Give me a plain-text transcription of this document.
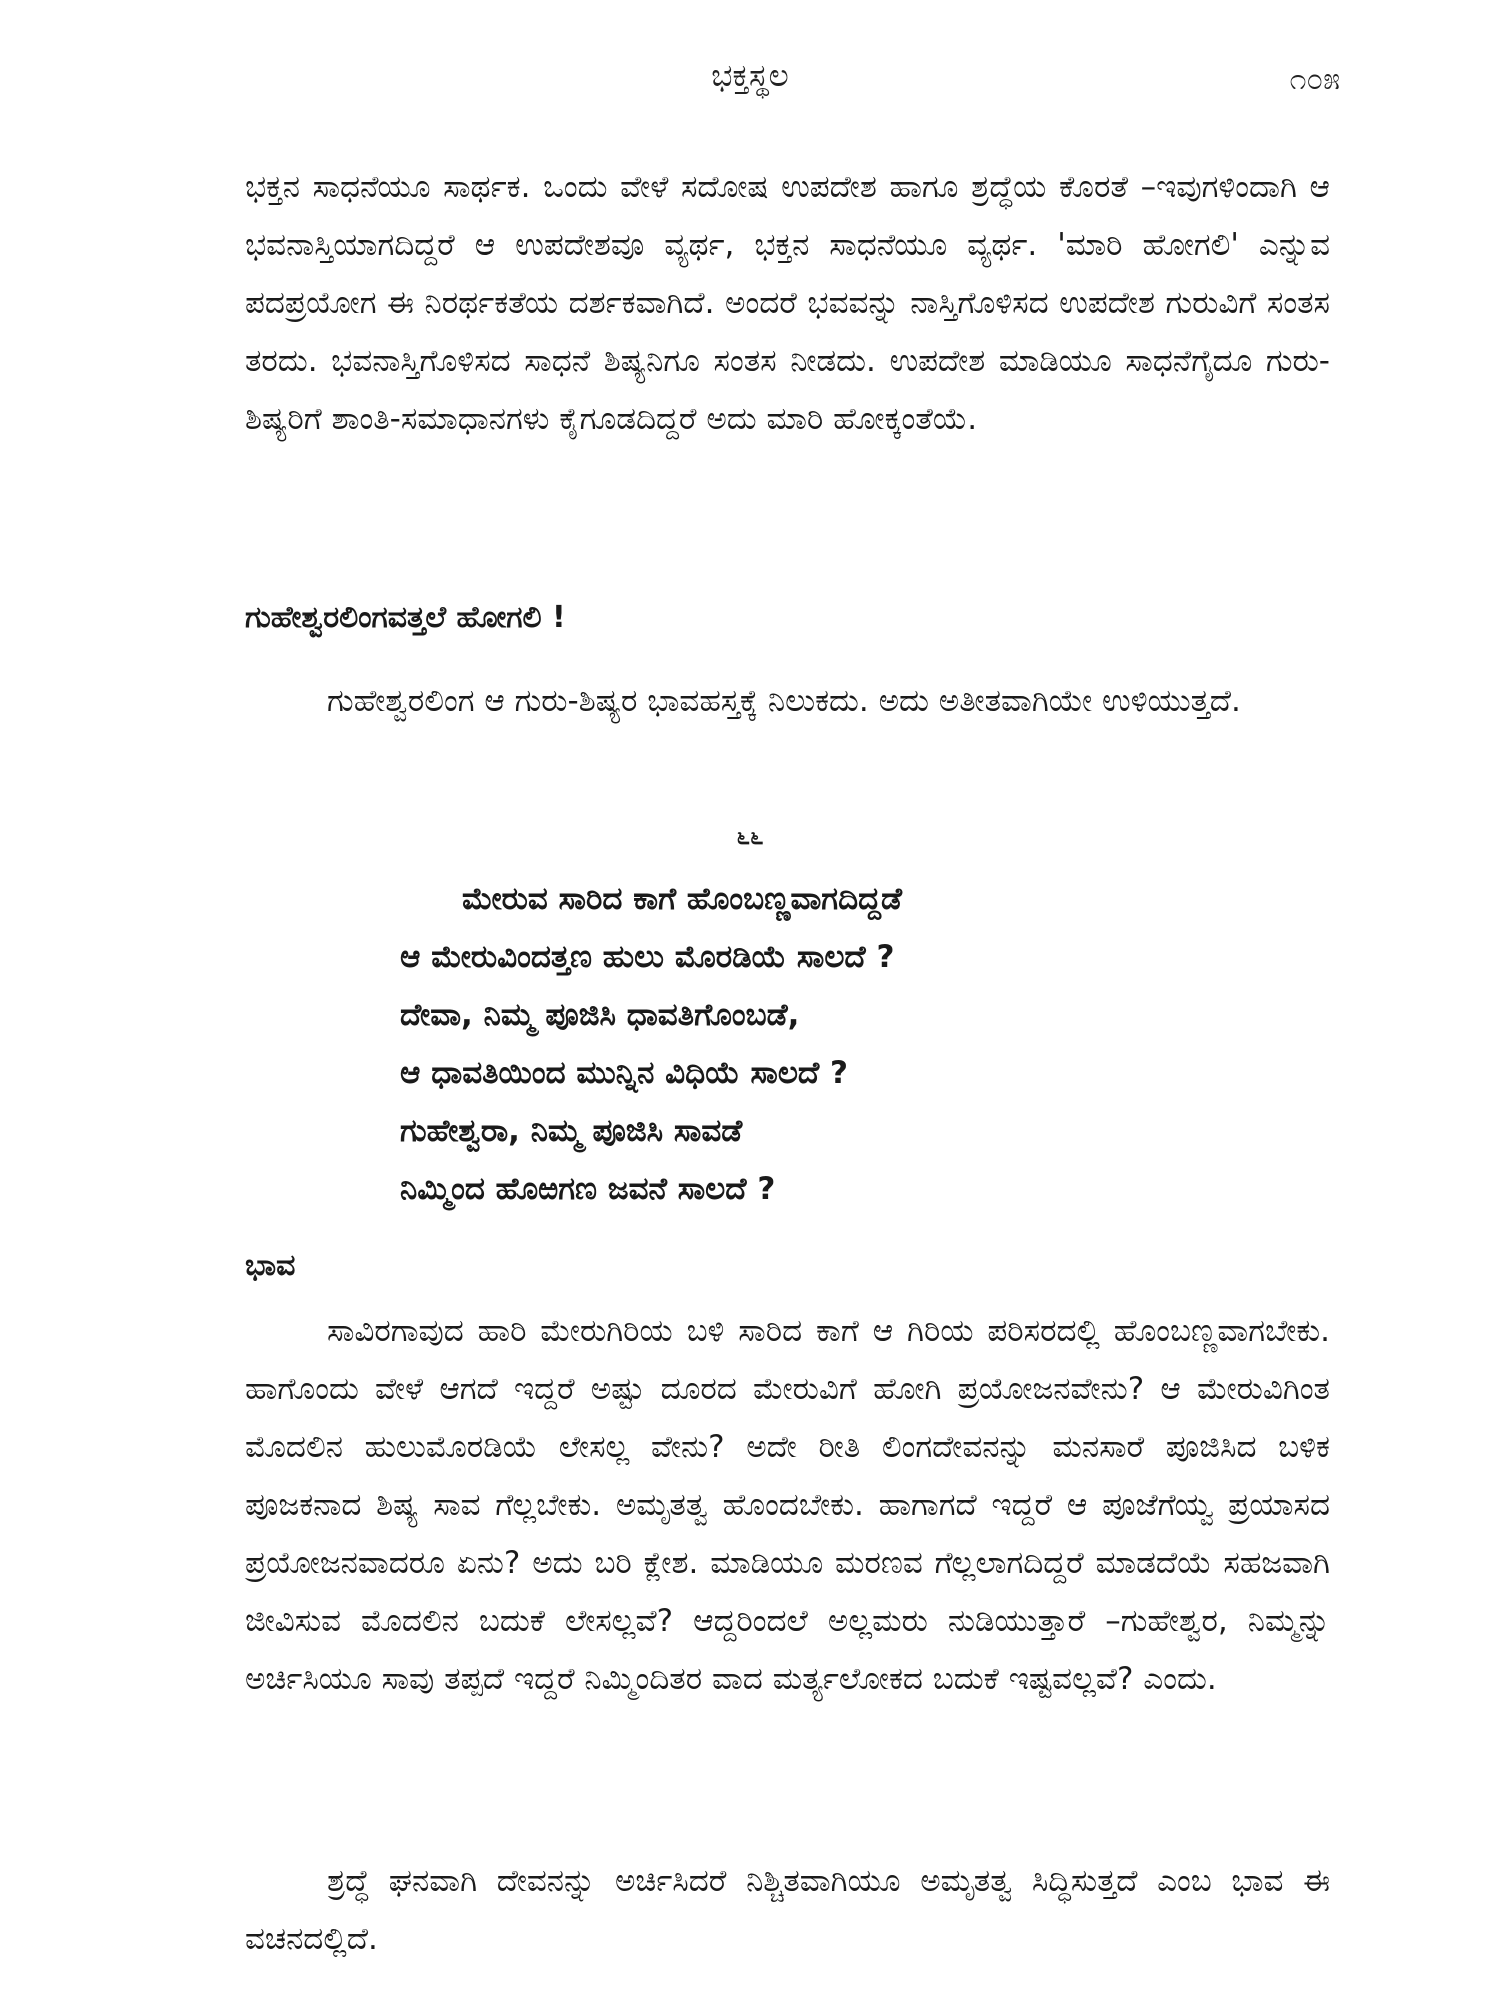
ಭಕ್ತಸ್ಥಲ	೧೦೫

ಭಕ್ತನ ಸಾಧನೆಯೂ ಸಾರ್ಥಕ. ಒಂದು ವೇಳೆ ಸದೋಷ ಉಪದೇಶ ಹಾಗೂ ಶ್ರದ್ಧೆಯ ಕೊರತೆ –ಇವುಗಳಿಂದಾಗಿ ಆ ಭವನಾಸ್ತಿಯಾಗದಿದ್ದರೆ ಆ ಉಪದೇಶವೂ ವ್ಯರ್ಥ, ಭಕ್ತನ ಸಾಧನೆಯೂ ವ್ಯರ್ಥ. 'ಮಾರಿ ಹೋಗಲಿ' ಎನ್ನುವ ಪದಪ್ರಯೋಗ ಈ ನಿರರ್ಥಕತೆಯ ದರ್ಶಕವಾಗಿದೆ. ಅಂದರೆ ಭವವನ್ನು ನಾಸ್ತಿಗೊಳಿಸದ ಉಪದೇಶ ಗುರುವಿಗೆ ಸಂತಸ ತರದು. ಭವನಾಸ್ತಿಗೊಳಿಸದ ಸಾಧನೆ ಶಿಷ್ಯನಿಗೂ ಸಂತಸ ನೀಡದು. ಉಪದೇಶ ಮಾಡಿಯೂ ಸಾಧನೆಗೈದೂ ಗುರು-ಶಿಷ್ಯರಿಗೆ ಶಾಂತಿ-ಸಮಾಧಾನಗಳು ಕೈಗೂಡದಿದ್ದರೆ ಅದು ಮಾರಿ ಹೋಕ್ಕಂತೆಯೆ.

ಗುಹೇಶ್ವರಲಿಂಗವತ್ತಲೆ ಹೋಗಲಿ !

ಗುಹೇಶ್ವರಲಿಂಗ ಆ ಗುರು-ಶಿಷ್ಯರ ಭಾವಹಸ್ತಕ್ಕೆ ನಿಲುಕದು. ಅದು ಅತೀತವಾಗಿಯೇ ಉಳಿಯುತ್ತದೆ.

೬೬
ಮೇರುವ ಸಾರಿದ ಕಾಗೆ ಹೊಂಬಣ್ಣವಾಗದಿದ್ದಡೆ
ಆ ಮೇರುವಿಂದತ್ತಣ ಹುಲು ಮೊರಡಿಯೆ ಸಾಲದೆ ?
ದೇವಾ, ನಿಮ್ಮ ಪೂಜಿಸಿ ಧಾವತಿಗೊಂಬಡೆ,
ಆ ಧಾವತಿಯಿಂದ ಮುನ್ನಿನ ವಿಧಿಯೆ ಸಾಲದೆ ?
ಗುಹೇಶ್ವರಾ, ನಿಮ್ಮ ಪೂಜಿಸಿ ಸಾವಡೆ
ನಿಮ್ಮಿಂದ ಹೊಱಗಣ ಜವನೆ ಸಾಲದೆ ?

ಭಾವ

ಸಾವಿರಗಾವುದ ಹಾರಿ ಮೇರುಗಿರಿಯ ಬಳಿ ಸಾರಿದ ಕಾಗೆ ಆ ಗಿರಿಯ ಪರಿಸರದಲ್ಲಿ ಹೊಂಬಣ್ಣವಾಗಬೇಕು. ಹಾಗೊಂದು ವೇಳೆ ಆಗದೆ ಇದ್ದರೆ ಅಷ್ಟು ದೂರದ ಮೇರುವಿಗೆ ಹೋಗಿ ಪ್ರಯೋಜನವೇನು? ಆ ಮೇರುವಿಗಿಂತ ಮೊದಲಿನ ಹುಲುಮೊರಡಿಯೆ ಲೇಸಲ್ಲ ವೇನು? ಅದೇ ರೀತಿ ಲಿಂಗದೇವನನ್ನು ಮನಸಾರೆ ಪೂಜಿಸಿದ ಬಳಿಕ ಪೂಜಕನಾದ ಶಿಷ್ಯ ಸಾವ ಗೆಲ್ಲಬೇಕು. ಅಮೃತತ್ವ ಹೊಂದಬೇಕು. ಹಾಗಾಗದೆ ಇದ್ದರೆ ಆ ಪೂಜೆಗೆಯ್ವ ಪ್ರಯಾಸದ ಪ್ರಯೋಜನವಾದರೂ ಏನು? ಅದು ಬರಿ ಕ್ಲೇಶ. ಮಾಡಿಯೂ ಮರಣವ ಗೆಲ್ಲಲಾಗದಿದ್ದರೆ ಮಾಡದೆಯೆ ಸಹಜವಾಗಿ ಜೀವಿಸುವ ಮೊದಲಿನ ಬದುಕೆ ಲೇಸಲ್ಲವೆ? ಆದ್ದರಿಂದಲೆ ಅಲ್ಲಮರು ನುಡಿಯುತ್ತಾರೆ –ಗುಹೇಶ್ವರ, ನಿಮ್ಮನ್ನು ಅರ್ಚಿಸಿಯೂ ಸಾವು ತಪ್ಪದೆ ಇದ್ದರೆ ನಿಮ್ಮಿಂದಿತರ ವಾದ ಮರ್ತ್ಯಲೋಕದ ಬದುಕೆ ಇಷ್ಟವಲ್ಲವೆ? ಎಂದು.

ಶ್ರದ್ಧೆ ಘನವಾಗಿ ದೇವನನ್ನು ಅರ್ಚಿಸಿದರೆ ನಿಶ್ಚಿತವಾಗಿಯೂ ಅಮೃತತ್ವ ಸಿದ್ಧಿಸುತ್ತದೆ ಎಂಬ ಭಾವ ಈ ವಚನದಲ್ಲಿದೆ.
